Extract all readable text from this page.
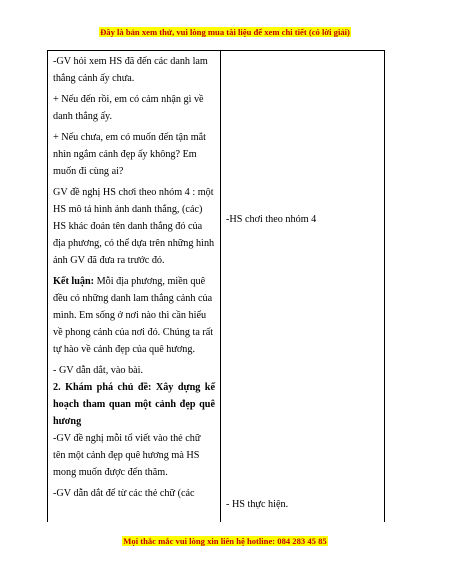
Đây là bản xem thử, vui lòng mua tài liệu để xem chi tiết (có lời giải)

-GV hỏi xem HS đã đến các danh lam thắng cảnh ấy chưa.

+ Nếu đến rồi, em có cảm nhận gì về danh thắng ấy.

+ Nếu chưa, em có muốn đến tận mắt nhìn ngắm cảnh đẹp ấy không? Em muốn đi cùng ai?

GV đề nghị HS chơi theo nhóm 4 : một HS mô tả hình ảnh danh thắng, (các) HS khác đoán tên danh thắng đó của địa phương, có thể dựa trên những hình ảnh GV đã đưa ra trước đó.

Kết luận: Mỗi địa phương, miền quê đều có những danh lam thắng cảnh của mình. Em sống ở nơi nào thì cần hiểu về phong cảnh của nơi đó. Chúng ta rất tự hào về cảnh đẹp của quê hương.

- GV dẫn dắt, vào bài.

2. Khám phá chủ đề: Xây dựng kế hoạch tham quan một cảnh đẹp quê hương

-GV đề nghị mỗi tổ viết vào thẻ chữ tên một cảnh đẹp quê hương mà HS mong muốn được đến thăm.

-GV dẫn dắt để từ các thẻ chữ (các

-HS chơi theo nhóm 4
- HS thực hiện.
Mọi thắc mắc vui lòng xin liên hệ hotline: 084 283 45 85
